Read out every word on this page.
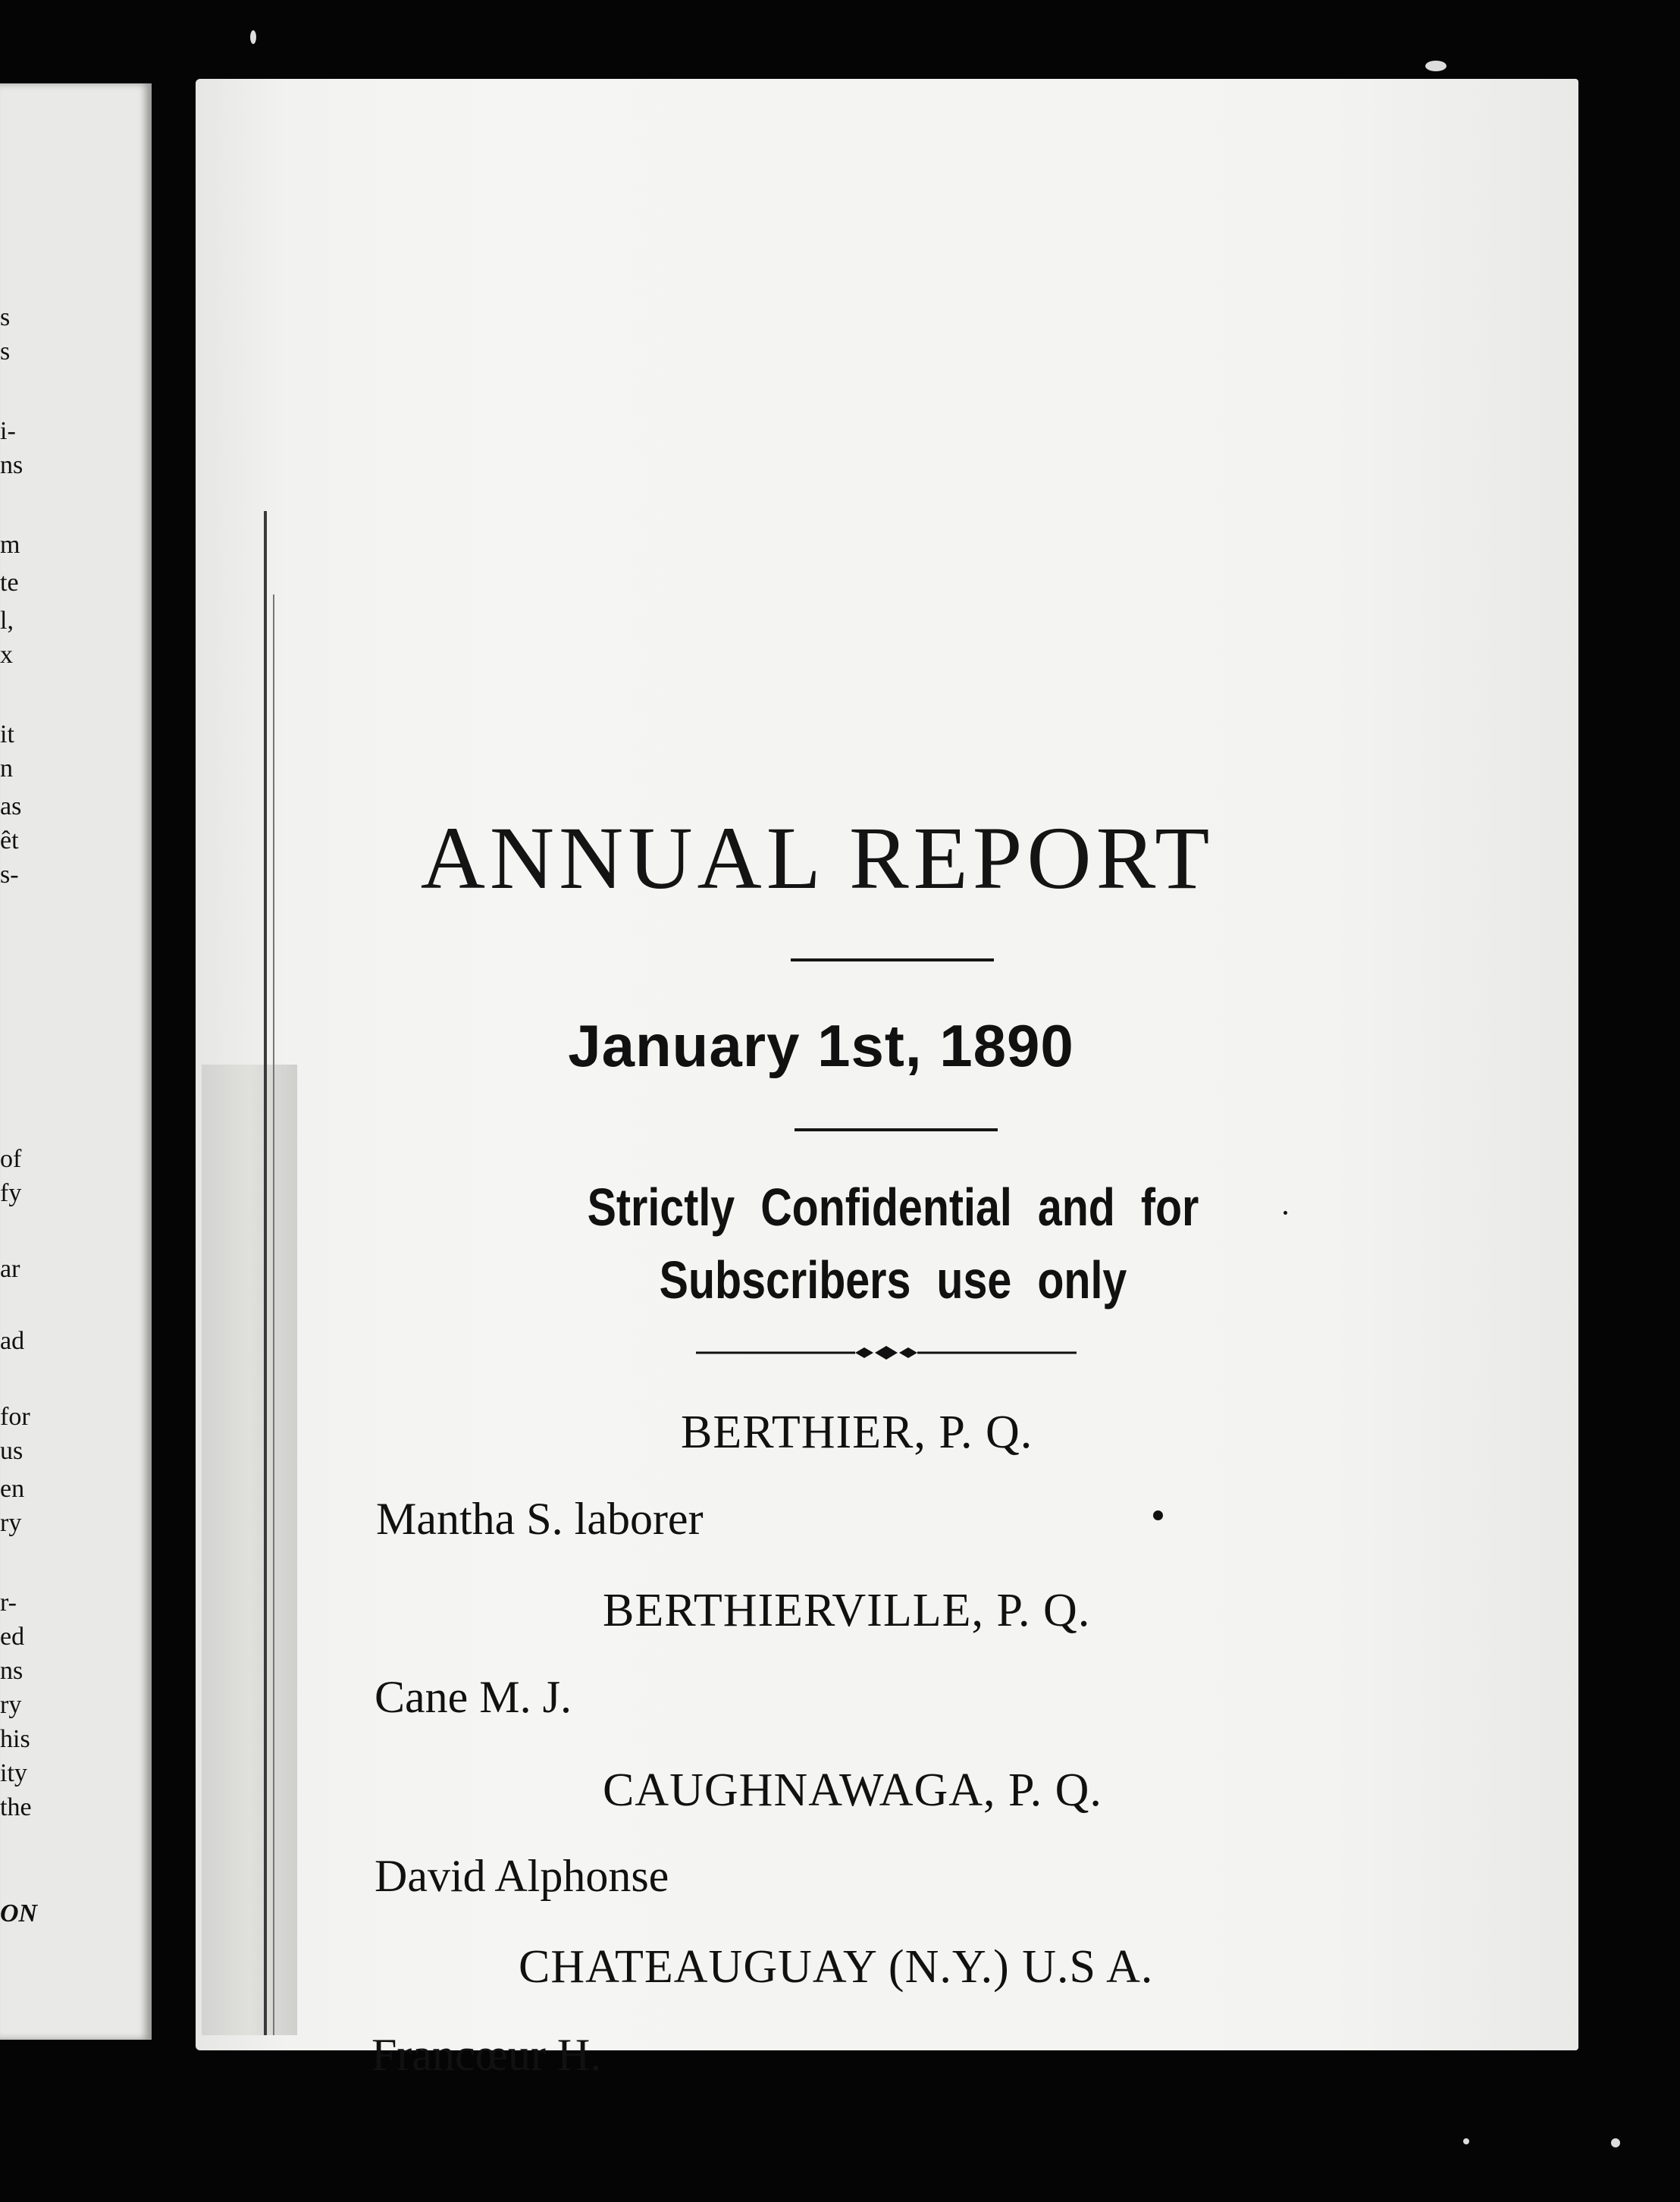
s
s
i-
ns
m
te
l,
x
it
n
as
êt
s-
of
fy
ar
ad
for
us
en
ry
r-
ed
ns
ry
his
ity
the
ON
ANNUAL REPORT
January 1st, 1890
Strictly Confidential and for Subscribers use only
BERTHIER, P. Q.
Mantha S. laborer
BERTHIERVILLE, P. Q.
Cane M. J.
CAUGHNAWAGA, P. Q.
David Alphonse
CHATEAUGUAY (N.Y.) U.S A.
Francœur H.
